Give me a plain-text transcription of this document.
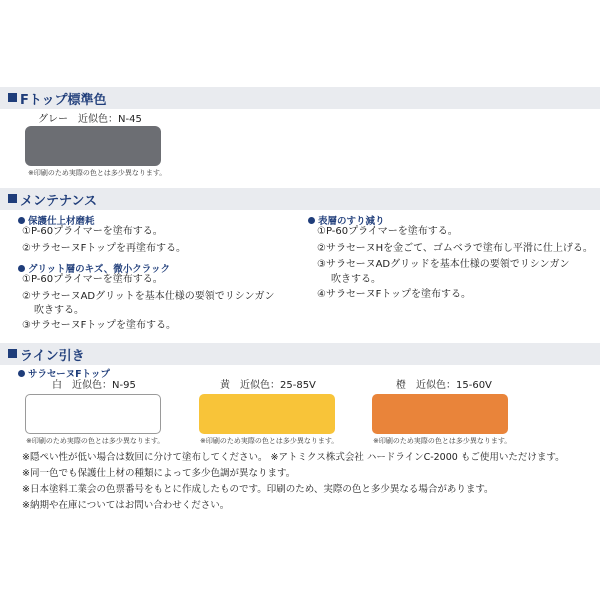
Fトップ標準色
グレー　近似色：N-45
※印刷のため実際の色とは多少異なります。
メンテナンス
保護仕上材磨耗
①P-60プライマーを塗布する。
②サラセーヌFトップを再塗布する。
グリット層のキズ、微小クラック
①P-60プライマーを塗布する。
②サラセーヌADグリットを基本仕様の要領でリシンガン
吹きする。
③サラセーヌFトップを塗布する。
表層のすり減り
①P-60プライマーを塗布する。
②サラセーヌHを金ごて、ゴムベラで塗布し平滑に仕上げる。
③サラセーヌADグリッドを基本仕様の要領でリシンガン
吹きする。
④サラセーヌFトップを塗布する。
ライン引き
サラセーヌFトップ
白　近似色：N-95
※印刷のため実際の色とは多少異なります。
黄　近似色：25-85V
※印刷のため実際の色とは多少異なります。
橙　近似色：15-60V
※印刷のため実際の色とは多少異なります。
※隠ぺい性が低い場合は数回に分けて塗布してください。 ※アトミクス株式会社 ハードラインC-2000 もご使用いただけます。
※同一色でも保護仕上材の種類によって多少色調が異なります。
※日本塗料工業会の色票番号をもとに作成したものです。印刷のため、実際の色と多少異なる場合があります。
※納期や在庫についてはお問い合わせください。
